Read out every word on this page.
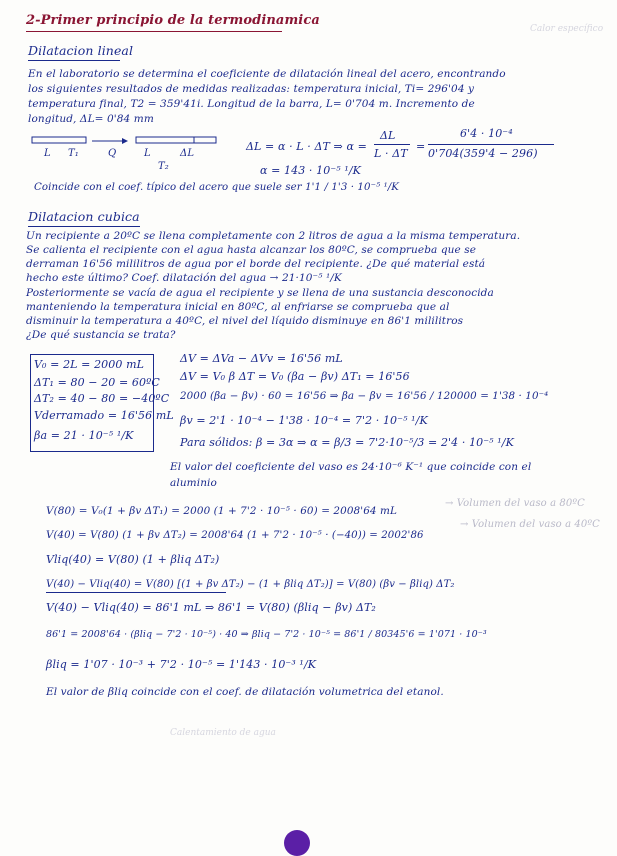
2-Primer principio de la termodinamica
Dilatacion lineal
En el laboratorio se determina el coeficiente de dilatación lineal del acero, encontrando
los siguientes resultados de medidas realizadas: temperatura inicial, Ti= 296'04 y
temperatura final, T2 = 359'41i. Longitud de la barra, L= 0'704 m. Incremento de
longitud, ΔL= 0'84 mm
L T₁	Q	L	ΔL
T₂
ΔL = α · L · ΔT ⇒ α =
ΔL
L · ΔT
=
6'4 · 10⁻⁴
0'704(359'4 − 296)
α = 143 · 10⁻⁵ ¹/K
Coincide con el coef. típico del acero que suele ser 1'1 / 1'3 · 10⁻⁵ ¹/K
Dilatacion cubica
Un recipiente a 20ºC se llena completamente con 2 litros de agua a la misma temperatura.
Se calienta el recipiente con el agua hasta alcanzar los 80ºC, se comprueba que se
derraman 16'56 mililitros de agua por el borde del recipiente. ¿De qué material está
hecho este último? Coef. dilatación del agua → 21·10⁻⁵ ¹/K
Posteriormente se vacía de agua el recipiente y se llena de una sustancia desconocida
manteniendo la temperatura inicial en 80ºC, al enfriarse se comprueba que al
disminuir la temperatura a 40ºC, el nivel del líquido disminuye en 86'1 mililitros
¿De qué sustancia se trata?
V₀ = 2L = 2000 mL
ΔT₁ = 80 − 20 = 60ºC
ΔT₂ = 40 − 80 = −40ºC
Vderramado = 16'56 mL
βa = 21 · 10⁻⁵ ¹/K
ΔV = ΔVa − ΔVv = 16'56 mL
ΔV = V₀ β ΔT = V₀ (βa − βv) ΔT₁ = 16'56
2000 (βa − βv) · 60 = 16'56 ⇒ βa − βv = 16'56 / 120000 = 1'38 · 10⁻⁴
βv = 2'1 · 10⁻⁴ − 1'38 · 10⁻⁴ = 7'2 · 10⁻⁵ ¹/K
Para sólidos: β = 3α ⇒ α = β/3 = 7'2·10⁻⁵/3 = 2'4 · 10⁻⁵ ¹/K
El valor del coeficiente del vaso es 24·10⁻⁶ K⁻¹ que coincide con el
aluminio
V(80) = V₀(1 + βv ΔT₁) = 2000 (1 + 7'2 · 10⁻⁵ · 60) = 2008'64 mL
→ Volumen del vaso a 80ºC
V(40) = V(80) (1 + βv ΔT₂) = 2008'64 (1 + 7'2 · 10⁻⁵ · (−40)) = 2002'86
→ Volumen del vaso a 40ºC
Vliq(40) = V(80) (1 + βliq ΔT₂)
V(40) − Vliq(40) = V(80) [(1 + βv ΔT₂) − (1 + βliq ΔT₂)] = V(80) (βv − βliq) ΔT₂
V(40) − Vliq(40) = 86'1 mL ⇒ 86'1 = V(80) (βliq − βv) ΔT₂
86'1 = 2008'64 · (βliq − 7'2 · 10⁻⁵) · 40 ⇒ βliq − 7'2 · 10⁻⁵ = 86'1 / 80345'6 = 1'071 · 10⁻³
βliq = 1'07 · 10⁻³ + 7'2 · 10⁻⁵ = 1'143 · 10⁻³ ¹/K
El valor de βliq coincide con el coef. de dilatación volumetrica del etanol.
Calor específico
Calentamiento de agua
